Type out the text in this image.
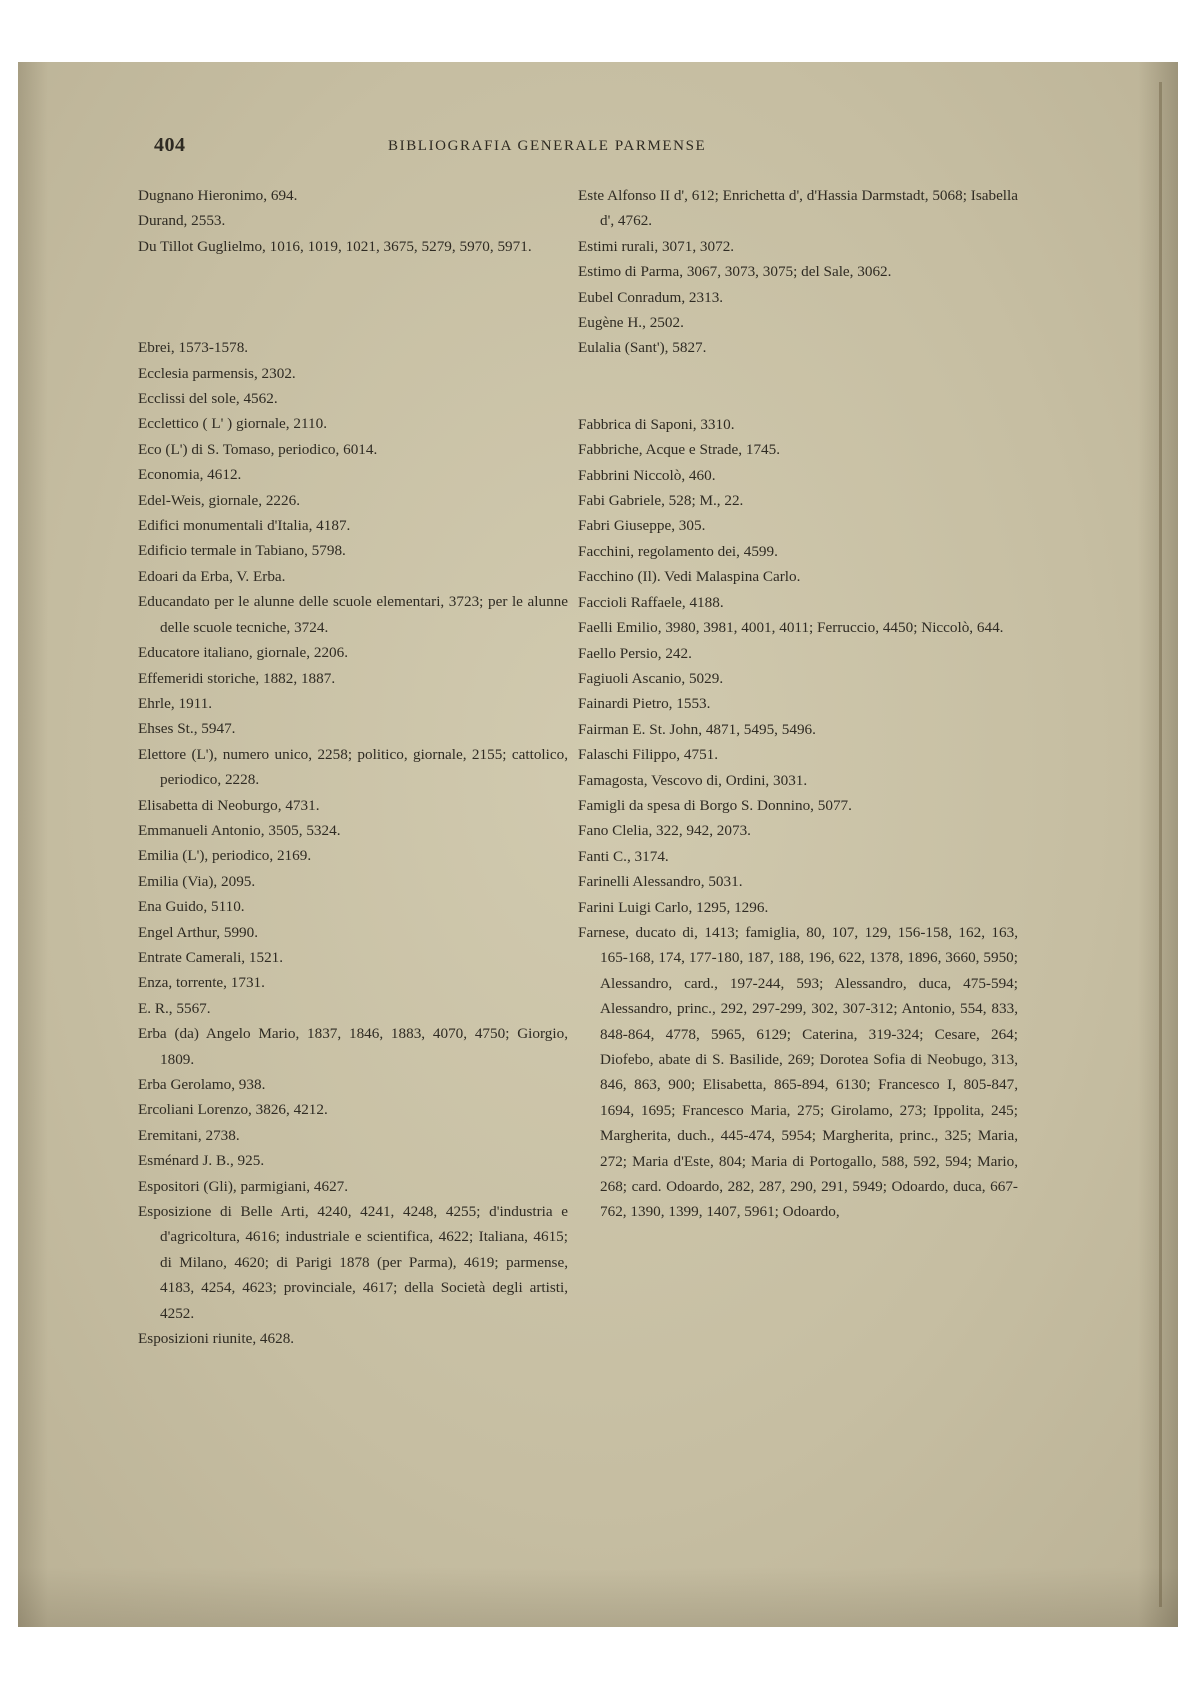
404	BIBLIOGRAFIA GENERALE PARMENSE

Dugnano Hieronimo, 694.

Durand, 2553.

Du Tillot Guglielmo, 1016, 1019, 1021, 3675, 5279, 5970, 5971.

Ebrei, 1573-1578.

Ecclesia parmensis, 2302.

Ecclissi del sole, 4562.

Ecclettico ( L' ) giornale, 2110.

Eco (L') di S. Tomaso, periodico, 6014.

Economia, 4612.

Edel-Weis, giornale, 2226.

Edifici monumentali d'Italia, 4187.

Edificio termale in Tabiano, 5798.

Edoari da Erba, V. Erba.

Educandato per le alunne delle scuole elementari, 3723; per le alunne delle scuole tecniche, 3724.

Educatore italiano, giornale, 2206.

Effemeridi storiche, 1882, 1887.

Ehrle, 1911.

Ehses St., 5947.

Elettore (L'), numero unico, 2258; politico, giornale, 2155; cattolico, periodico, 2228.

Elisabetta di Neoburgo, 4731.

Emmanueli Antonio, 3505, 5324.

Emilia (L'), periodico, 2169.

Emilia (Via), 2095.

Ena Guido, 5110.

Engel Arthur, 5990.

Entrate Camerali, 1521.

Enza, torrente, 1731.

E. R., 5567.

Erba (da) Angelo Mario, 1837, 1846, 1883, 4070, 4750; Giorgio, 1809.

Erba Gerolamo, 938.

Ercoliani Lorenzo, 3826, 4212.

Eremitani, 2738.

Esménard J. B., 925.

Espositori (Gli), parmigiani, 4627.

Esposizione di Belle Arti, 4240, 4241, 4248, 4255; d'industria e d'agricoltura, 4616; industriale e scientifica, 4622; Italiana, 4615; di Milano, 4620; di Parigi 1878 (per Parma), 4619; parmense, 4183, 4254, 4623; provinciale, 4617; della Società degli artisti, 4252.

Esposizioni riunite, 4628.

Este Alfonso II d', 612; Enrichetta d', d'Hassia Darmstadt, 5068; Isabella d', 4762.

Estimi rurali, 3071, 3072.

Estimo di Parma, 3067, 3073, 3075; del Sale, 3062.

Eubel Conradum, 2313.

Eugène H., 2502.

Eulalia (Sant'), 5827.

Fabbrica di Saponi, 3310.

Fabbriche, Acque e Strade, 1745.

Fabbrini Niccolò, 460.

Fabi Gabriele, 528; M., 22.

Fabri Giuseppe, 305.

Facchini, regolamento dei, 4599.

Facchino (Il). Vedi Malaspina Carlo.

Faccioli Raffaele, 4188.

Faelli Emilio, 3980, 3981, 4001, 4011; Ferruccio, 4450; Niccolò, 644.

Faello Persio, 242.

Fagiuoli Ascanio, 5029.

Fainardi Pietro, 1553.

Fairman E. St. John, 4871, 5495, 5496.

Falaschi Filippo, 4751.

Famagosta, Vescovo di, Ordini, 3031.

Famigli da spesa di Borgo S. Donnino, 5077.

Fano Clelia, 322, 942, 2073.

Fanti C., 3174.

Farinelli Alessandro, 5031.

Farini Luigi Carlo, 1295, 1296.

Farnese, ducato di, 1413; famiglia, 80, 107, 129, 156-158, 162, 163, 165-168, 174, 177-180, 187, 188, 196, 622, 1378, 1896, 3660, 5950; Alessandro, card., 197-244, 593; Alessandro, duca, 475-594; Alessandro, princ., 292, 297-299, 302, 307-312; Antonio, 554, 833, 848-864, 4778, 5965, 6129; Caterina, 319-324; Cesare, 264; Diofebo, abate di S. Basilide, 269; Dorotea Sofia di Neobugo, 313, 846, 863, 900; Elisabetta, 865-894, 6130; Francesco I, 805-847, 1694, 1695; Francesco Maria, 275; Girolamo, 273; Ippolita, 245; Margherita, duch., 445-474, 5954; Margherita, princ., 325; Maria, 272; Maria d'Este, 804; Maria di Portogallo, 588, 592, 594; Mario, 268; card. Odoardo, 282, 287, 290, 291, 5949; Odoardo, duca, 667-762, 1390, 1399, 1407, 5961; Odoardo,
